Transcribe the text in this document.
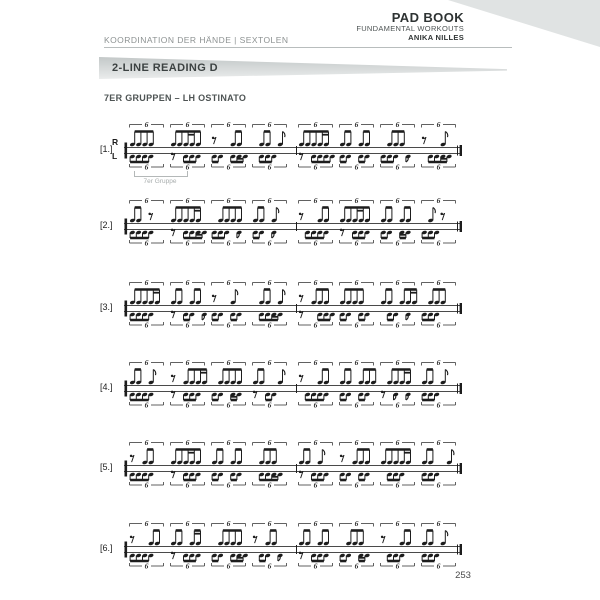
KOORDINATION DER HÄNDE | SEXTOLEN
PAD BOOK
FUNDAMENTAL WORKOUTS
ANIKA NILLES
2-LINE READING D
7ER GRUPPEN – LH OSTINATO
[1.]
R
L
7er Gruppe
6	6	6	6	6	6	6	6
6	6	6	6	6	6	6	6
[2.]
6	6	6	6	6	6	6	6
6	6	6	6	6	6	6	6
[3.]
6	6	6	6	6	6	6	6
6	6	6	6	6	6	6	6
[4.]
6	6	6	6	6	6	6	6
6	6	6	6	6	6	6	6
[5.]
6	6	6	6	6	6	6	6
6	6	6	6	6	6	6	6
[6.]
6	6	6	6	6	6	6	6
6	6	6	6	6	6	6	6
253
